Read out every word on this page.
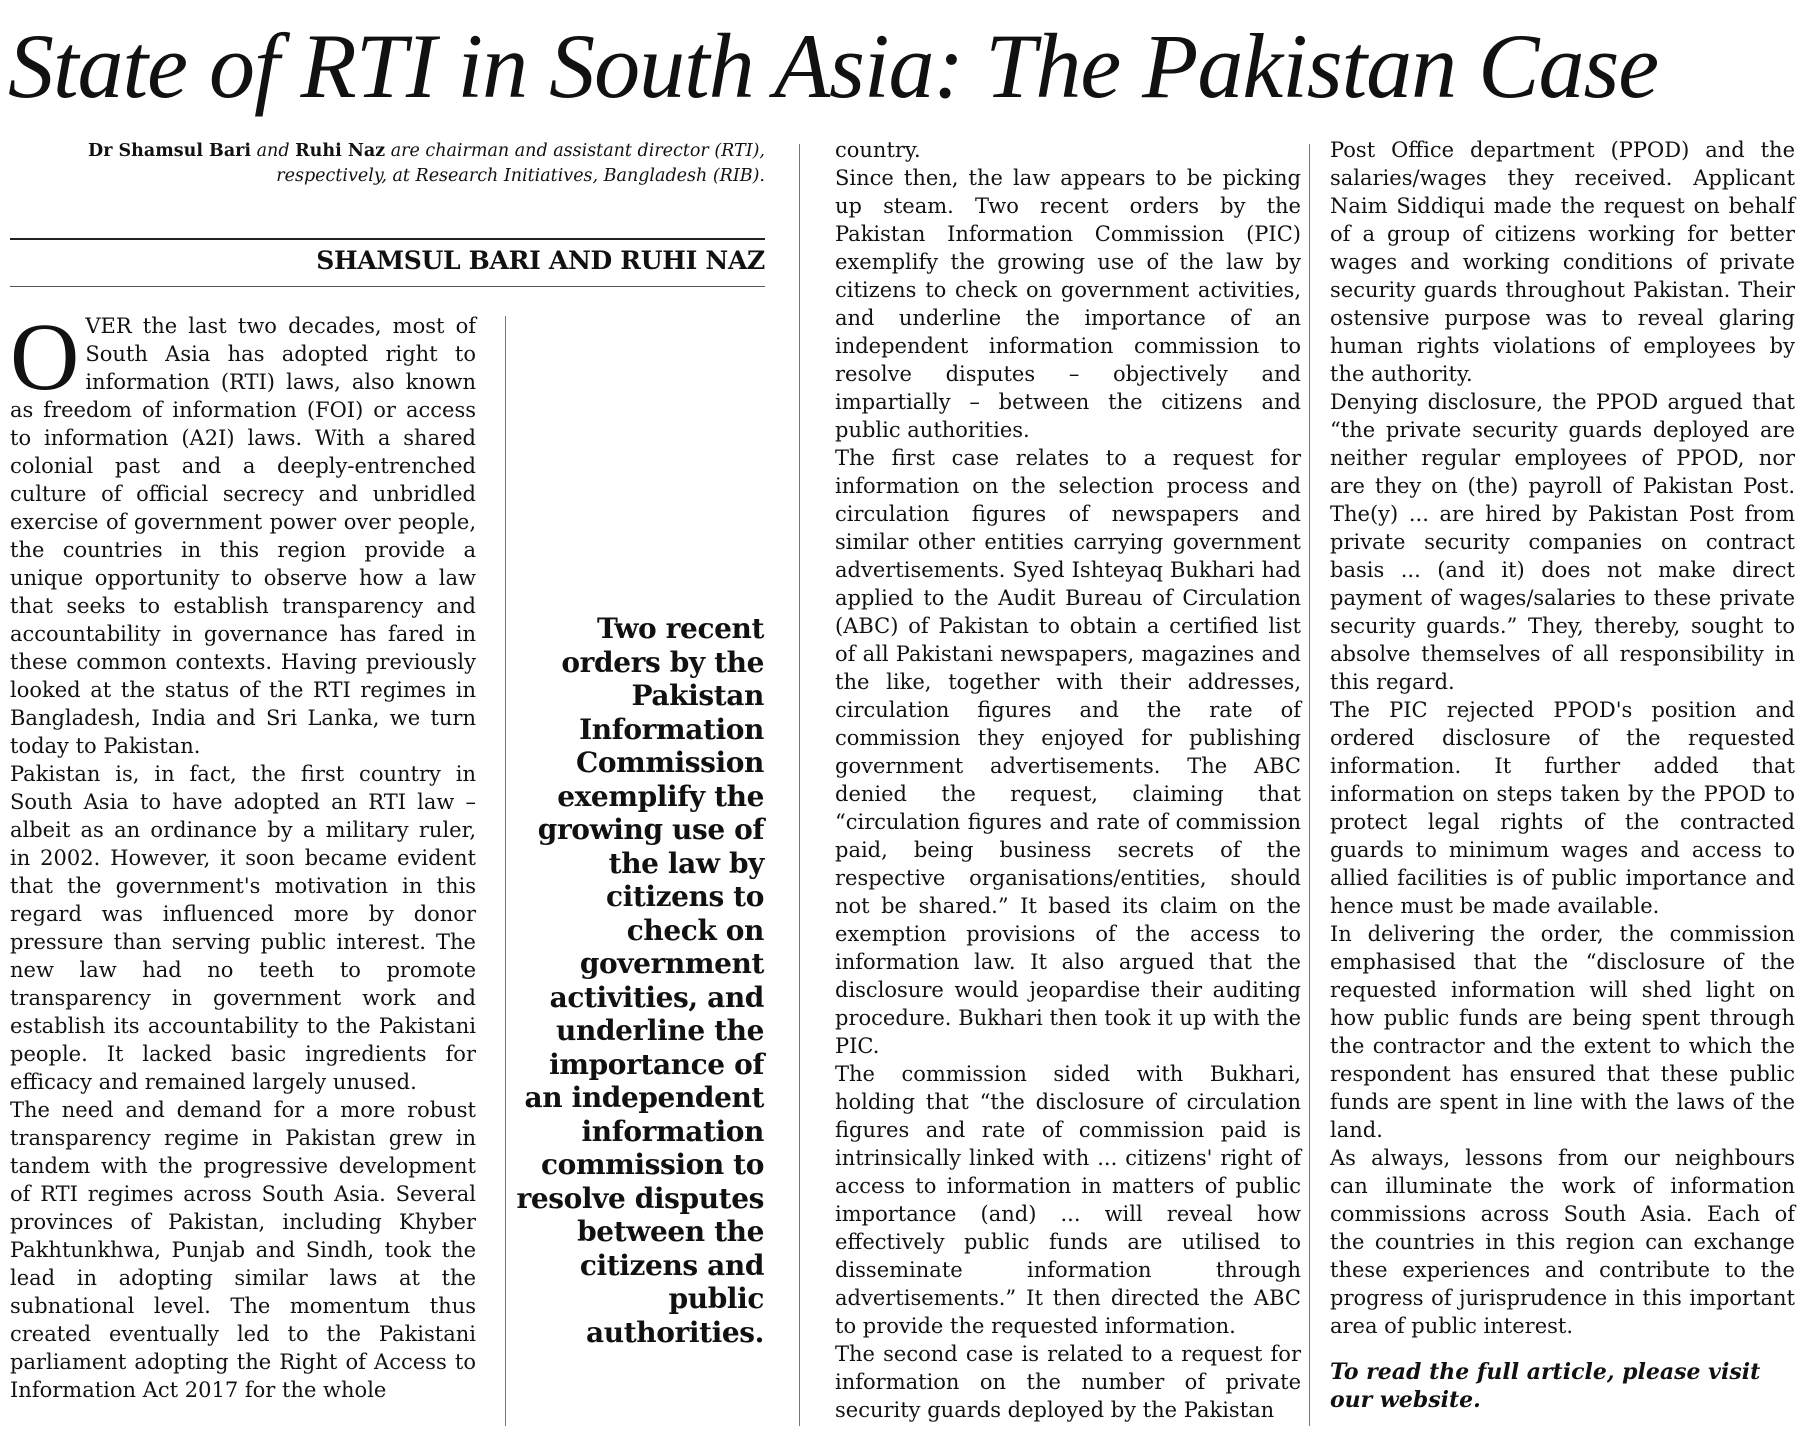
State of RTI in South Asia: The Pakistan Case

Dr Shamsul Bari and Ruhi Naz are chairman and assistant director (RTI), respectively, at Research Initiatives, Bangladesh (RIB).

SHAMSUL BARI AND RUHI NAZ

OVER the last two decades, most of South Asia has adopted right to information (RTI) laws, also known as freedom of information (FOI) or access to information (A2I) laws. With a shared colonial past and a deeply-entrenched culture of official secrecy and unbridled exercise of government power over people, the countries in this region provide a unique opportunity to observe how a law that seeks to establish transparency and accountability in governance has fared in these common contexts. Having previously looked at the status of the RTI regimes in Bangladesh, India and Sri Lanka, we turn today to Pakistan.

Pakistan is, in fact, the first country in South Asia to have adopted an RTI law – albeit as an ordinance by a military ruler, in 2002. However, it soon became evident that the government's motivation in this regard was influenced more by donor pressure than serving public interest. The new law had no teeth to promote transparency in government work and establish its accountability to the Pakistani people. It lacked basic ingredients for efficacy and remained largely unused.

The need and demand for a more robust transparency regime in Pakistan grew in tandem with the progressive development of RTI regimes across South Asia. Several provinces of Pakistan, including Khyber Pakhtunkhwa, Punjab and Sindh, took the lead in adopting similar laws at the subnational level. The momentum thus created eventually led to the Pakistani parliament adopting the Right of Access to Information Act 2017 for the whole

Two recent orders by the Pakistan Information Commission exemplify the growing use of the law by citizens to check on government activities, and underline the importance of an independent information commission to resolve disputes between the citizens and public authorities.

country.

Since then, the law appears to be picking up steam. Two recent orders by the Pakistan Information Commission (PIC) exemplify the growing use of the law by citizens to check on government activities, and underline the importance of an independent information commission to resolve disputes – objectively and impartially – between the citizens and public authorities.

The first case relates to a request for information on the selection process and circulation figures of newspapers and similar other entities carrying government advertisements. Syed Ishteyaq Bukhari had applied to the Audit Bureau of Circulation (ABC) of Pakistan to obtain a certified list of all Pakistani newspapers, magazines and the like, together with their addresses, circulation figures and the rate of commission they enjoyed for publishing government advertisements. The ABC denied the request, claiming that “circulation figures and rate of commission paid, being business secrets of the respective organisations/entities, should not be shared.” It based its claim on the exemption provisions of the access to information law. It also argued that the disclosure would jeopardise their auditing procedure. Bukhari then took it up with the PIC.

The commission sided with Bukhari, holding that “the disclosure of circulation figures and rate of commission paid is intrinsically linked with ... citizens' right of access to information in matters of public importance (and) ... will reveal how effectively public funds are utilised to disseminate information through advertisements.” It then directed the ABC to provide the requested information.

The second case is related to a request for information on the number of private security guards deployed by the Pakistan

Post Office department (PPOD) and the salaries/wages they received. Applicant Naim Siddiqui made the request on behalf of a group of citizens working for better wages and working conditions of private security guards throughout Pakistan. Their ostensive purpose was to reveal glaring human rights violations of employees by the authority.

Denying disclosure, the PPOD argued that “the private security guards deployed are neither regular employees of PPOD, nor are they on (the) payroll of Pakistan Post. The(y) ... are hired by Pakistan Post from private security companies on contract basis ... (and it) does not make direct payment of wages/salaries to these private security guards.” They, thereby, sought to absolve themselves of all responsibility in this regard.

The PIC rejected PPOD's position and ordered disclosure of the requested information. It further added that information on steps taken by the PPOD to protect legal rights of the contracted guards to minimum wages and access to allied facilities is of public importance and hence must be made available.

In delivering the order, the commission emphasised that the “disclosure of the requested information will shed light on how public funds are being spent through the contractor and the extent to which the respondent has ensured that these public funds are spent in line with the laws of the land.

As always, lessons from our neighbours can illuminate the work of information commissions across South Asia. Each of the countries in this region can exchange these experiences and contribute to the progress of jurisprudence in this important area of public interest.

To read the full article, please visit our website.
